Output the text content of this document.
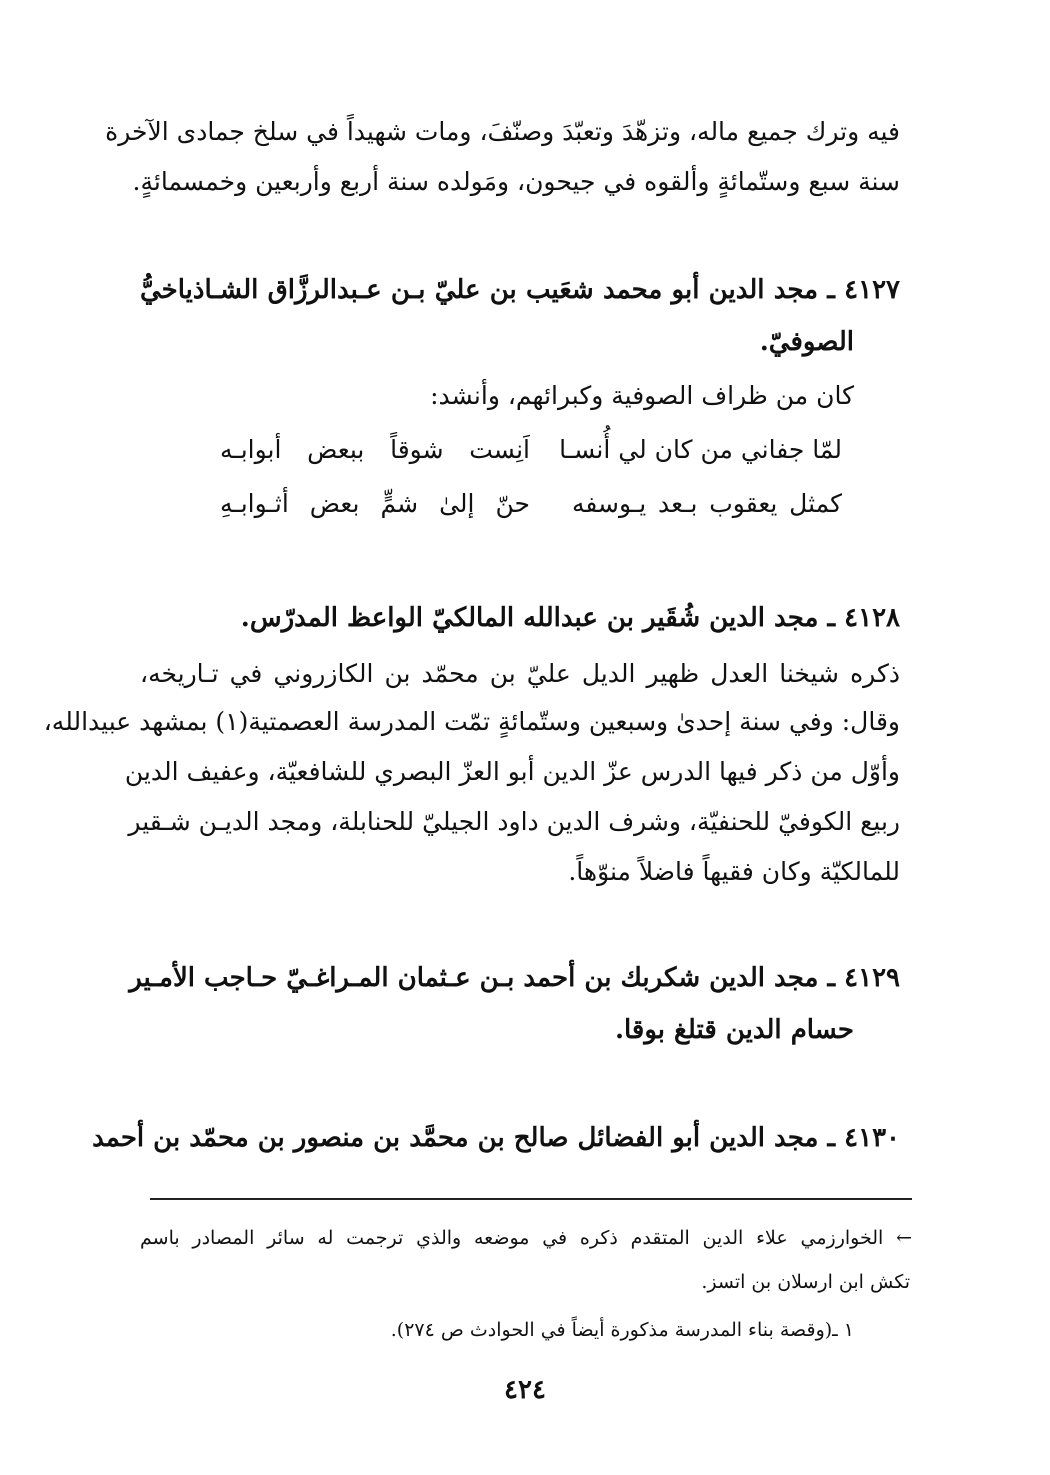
فيه وترك جميع ماله، وتزهّدَ وتعبّدَ وصنّفَ، ومات شهيداً في سلخ جمادى الآخرة
سنة سبع وستّمائةٍ وألقوه في جيحون، ومَولده سنة أربع وأربعين وخمسمائةٍ.
٤١٢٧ ـ مجد الدين أبو محمد شعَيب بن عليّ بـن عـبدالرزَّاق الشـاذياخيُّ
الصوفيّ.
كان من ظراف الصوفية وكبرائهم، وأنشد:
لمّا جفاني من كان لي أُنسـا
اَنِست شوقاً ببعض أبوابـه
كمثل يعقوب بـعد يـوسفه
حنّ إلىٰ شمٍّ بعض أثـوابـهِ
٤١٢٨ ـ مجد الدين شُقَير بن عبدالله المالكيّ الواعظ المدرّس.
ذكره شيخنا العدل ظهير الديل عليّ بن محمّد بن الكازروني في تـاريخه،
وقال: وفي سنة إحدىٰ وسبعين وستّمائةٍ تمّت المدرسة العصمتية(١) بمشهد عبيدالله،
وأوّل من ذكر فيها الدرس عزّ الدين أبو العزّ البصري للشافعيّة، وعفيف الدين
ربيع الكوفيّ للحنفيّة، وشرف الدين داود الجيليّ للحنابلة، ومجد الديـن شـقير
للمالكيّة وكان فقيهاً فاضلاً منوّهاً.
٤١٢٩ ـ مجد الدين شكربك بن أحمد بـن عـثمان المـراغـيّ حـاجب الأمـير
حسام الدين قتلغ بوقا.
٤١٣٠ ـ مجد الدين أبو الفضائل صالح بن محمَّد بن منصور بن محمّد بن أحمد
← الخوارزمي علاء الدين المتقدم ذكره في موضعه والذي ترجمت له سائر المصادر باسم
تكش ابن ارسلان بن اتسز.
١ ـ(وقصة بناء المدرسة مذكورة أيضاً في الحوادث ص ٢٧٤).
٤٢٤
